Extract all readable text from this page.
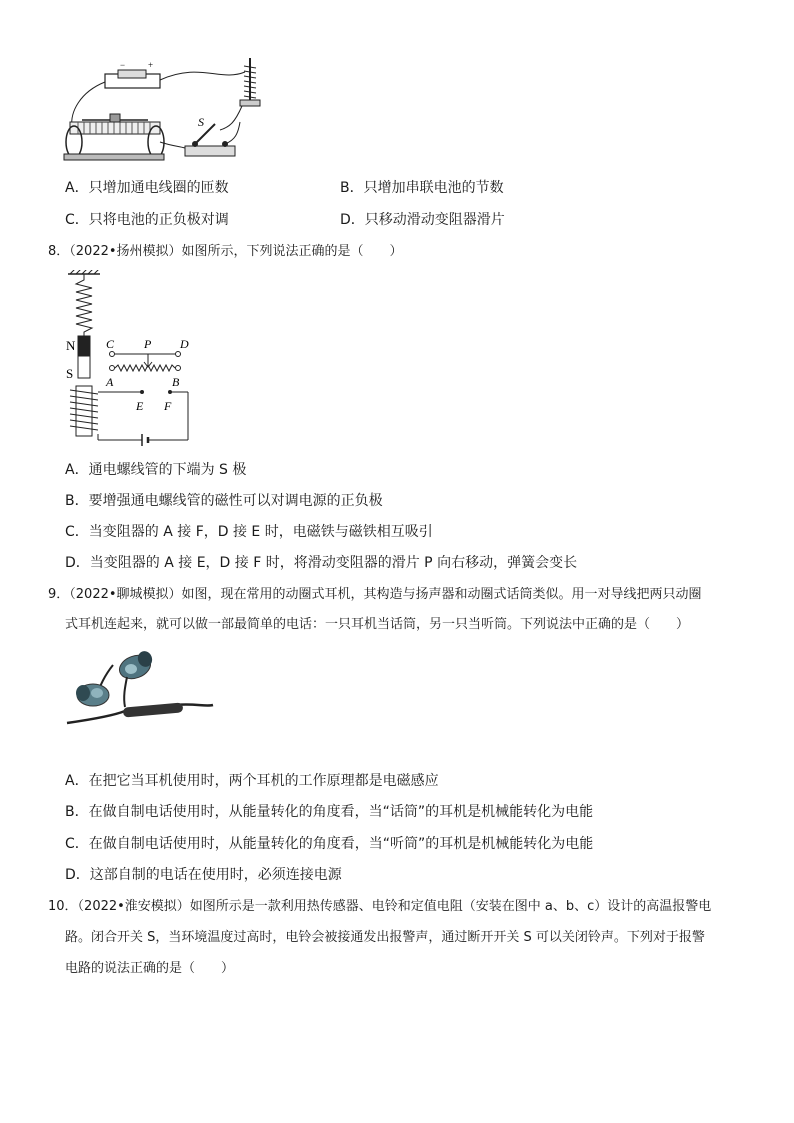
−	+
S
A．只增加通电线圈的匝数	B．只增加串联电池的节数
C．只将电池的正负极对调	D．只移动滑动变阻器滑片
8．（2022•扬州模拟）如图所示，下列说法正确的是（　　）
N
S
C P D
A	B
E F
A．通电螺线管的下端为 S 极
B．要增强通电螺线管的磁性可以对调电源的正负极
C．当变阻器的 A 接 F，D 接 E 时，电磁铁与磁铁相互吸引
D．当变阻器的 A 接 E，D 接 F 时，将滑动变阻器的滑片 P 向右移动，弹簧会变长
9．（2022•聊城模拟）如图，现在常用的动圈式耳机，其构造与扬声器和动圈式话筒类似。用一对导线把两只动圈
式耳机连起来，就可以做一部最简单的电话：一只耳机当话筒，另一只当听筒。下列说法中正确的是（　　）
A．在把它当耳机使用时，两个耳机的工作原理都是电磁感应
B．在做自制电话使用时，从能量转化的角度看，当“话筒”的耳机是机械能转化为电能
C．在做自制电话使用时，从能量转化的角度看，当“听筒”的耳机是机械能转化为电能
D．这部自制的电话在使用时，必须连接电源
10．（2022•淮安模拟）如图所示是一款利用热传感器、电铃和定值电阻（安装在图中 a、b、c）设计的高温报警电
路。闭合开关 S，当环境温度过高时，电铃会被接通发出报警声，通过断开开关 S 可以关闭铃声。下列对于报警
电路的说法正确的是（　　）
